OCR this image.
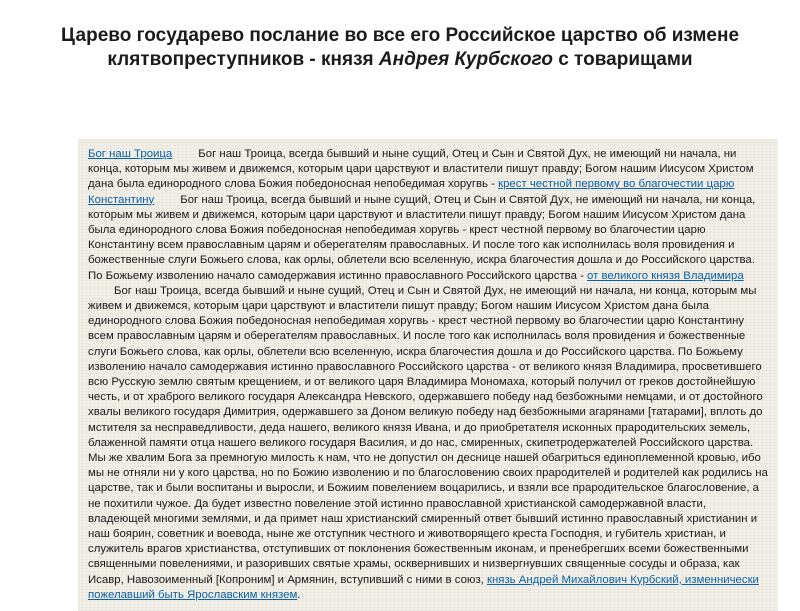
Царево государево послание во все его Российское царство об измене клятвопреступников - князя Андрея Курбского с товарищами
Бог наш Троица Бог наш Троица, всегда бывший и ныне сущий, Отец и Сын и Святой Дух, не имеющий ни начала, ни конца, которым мы живем и движемся, которым цари царствуют и властители пишут правду; Богом нашим Иисусом Христом дана была единородного слова Божия победоносная непобедимая хоругвь - крест честной первому во благочестии царю Константину Бог наш Троица, всегда бывший и ныне сущий, Отец и Сын и Святой Дух, не имеющий ни начала, ни конца, которым мы живем и движемся, которым цари царствуют и властители пишут правду; Богом нашим Иисусом Христом дана была единородного слова Божия победоносная непобедимая хоругвь - крест честной первому во благочестии царю Константину всем православным царям и оберегателям православных. И после того как исполнилась воля провидения и божественные слуги Божьего слова, как орлы, облетели всю вселенную, искра благочестия дошла и до Российского царства. По Божьему изволению начало самодержавия истинно православного Российского царства - от великого князя ВладимираБог наш Троица, всегда бывший и ныне сущий, Отец и Сын и Святой Дух, не имеющий ни начала, ни конца, которым мы живем и движемся, которым цари царствуют и властители пишут правду; Богом нашим Иисусом Христом дана была единородного слова Божия победоносная непобедимая хоругвь - крест честной первому во благочестии царю Константину всем православным царям и оберегателям православных. И после того как исполнилась воля провидения и божественные слуги Божьего слова, как орлы, облетели всю вселенную, искра благочестия дошла и до Российского царства. По Божьему изволению начало самодержавия истинно православного Российского царства - от великого князя Владимира, просветившего всю Русскую землю святым крещением, и от великого царя Владимира Мономаха, который получил от греков достойнейшую честь, и от храброго великого государя Александра Невского, одержавшего победу над безбожными немцами, и от достойного хвалы великого государя Димитрия, одержавшего за Доном великую победу над безбожными агарянами [татарами], вплоть до мстителя за несправедливости, деда нашего, великого князя Ивана, и до приобретателя исконных прародительских земель, блаженной памяти отца нашего великого государя Василия, и до нас, смиренных, скипетродержателей Российского царства. Мы же хвалим Бога за премногую милость к нам, что не допустил он деснице нашей обагриться единоплеменной кровью, ибо мы не отняли ни у кого царства, но по Божию изволению и по благословению своих прародителей и родителей как родились на царстве, так и были воспитаны и выросли, и Божиим повелением воцарились, и взяли все прародительское благословение, а не похитили чужое. Да будет известно повеление этой истинно православной христианской самодержавной власти, владеющей многими землями, и да примет наш христианский смиренный ответ бывший истинно православный христианин и наш боярин, советник и воевода, ныне же отступник честного и животворящего креста Господня, и губитель христиан, и служитель врагов христианства, отступивших от поклонения божественным иконам, и пренебрегших всеми божественными священными повелениями, и разоривших святые храмы, осквернивших и низвергнувших священные сосуды и образа, как Исавр, Навозоименный [Копроним] и Армянин, вступивший с ними в союз, князь Андрей Михайлович Курбский, изменнически пожелавший быть Ярославским князем.
